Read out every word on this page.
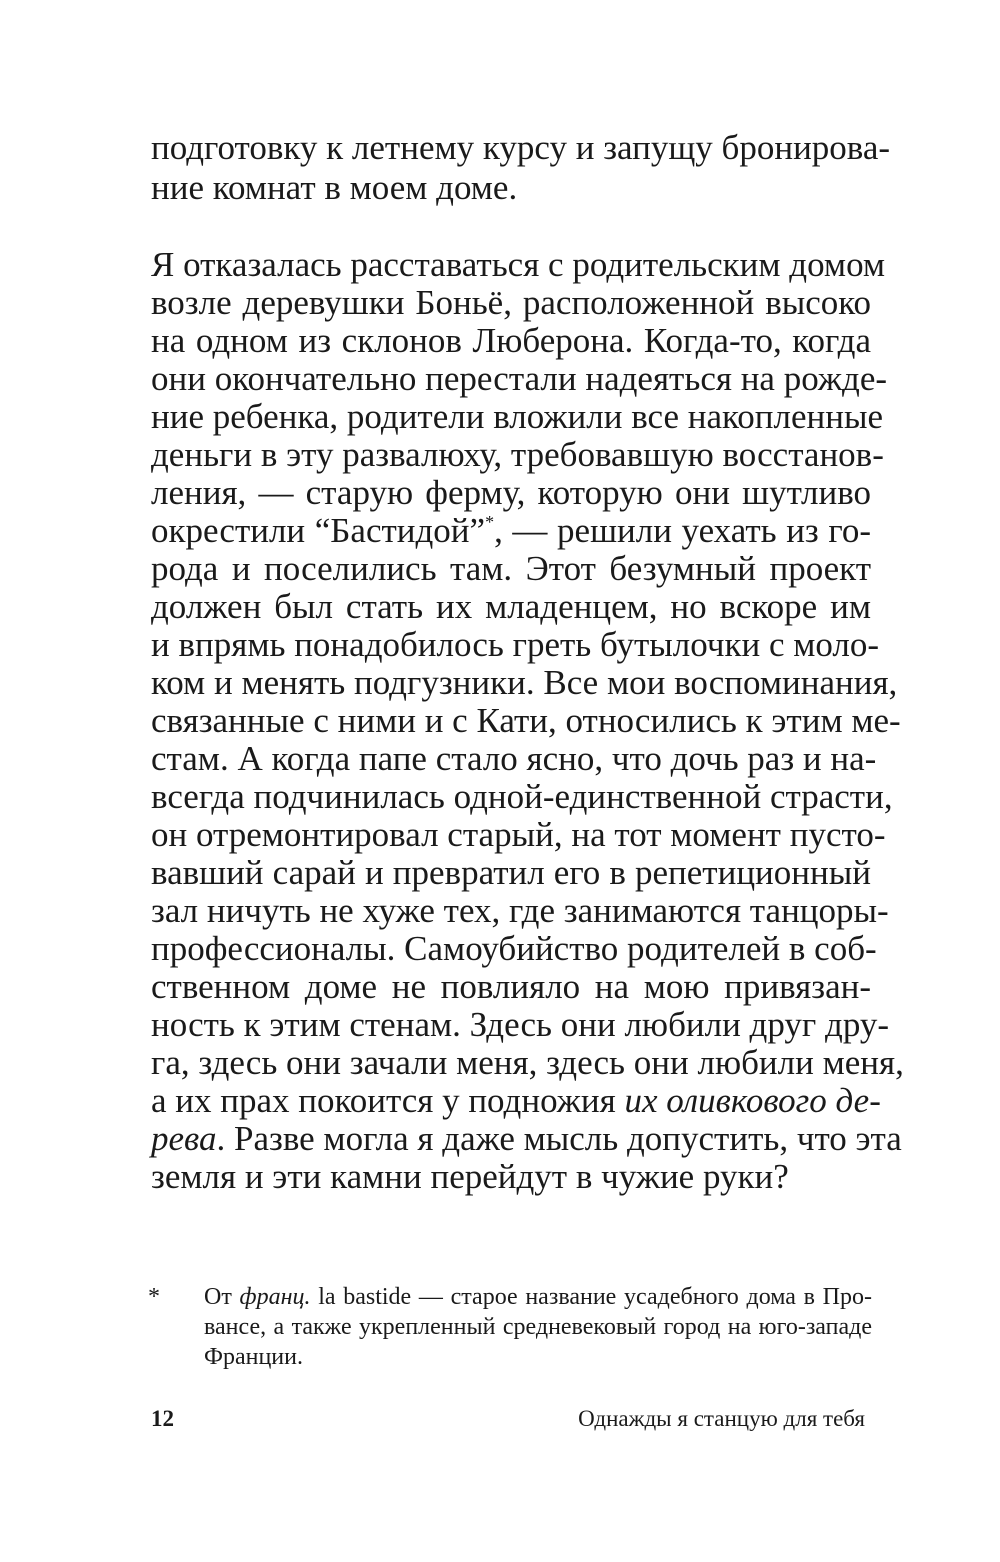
подготовку к летнему курсу и запущу бронирова-
ние комнат в моем доме.
Я отказалась расставаться с родительским домом
возле деревушки Боньё, расположенной высоко
на одном из склонов Люберона. Когда-то, когда
они окончательно перестали надеяться на рожде-
ние ребенка, родители вложили все накопленные
деньги в эту развалюху, требовавшую восстанов-
ления, — старую ферму, которую они шутливо
окрестили “Бастидой”*, — решили уехать из го-
рода и поселились там. Этот безумный проект
должен был стать их младенцем, но вскоре им
и впрямь понадобилось греть бутылочки с моло-
ком и менять подгузники. Все мои воспоминания,
связанные с ними и с Кати, относились к этим ме-
стам. А когда папе стало ясно, что дочь раз и на-
всегда подчинилась одной-единственной страсти,
он отремонтировал старый, на тот момент пусто-
вавший сарай и превратил его в репетиционный
зал ничуть не хуже тех, где занимаются танцоры-
профессионалы. Самоубийство родителей в соб-
ственном доме не повлияло на мою привязан-
ность к этим стенам. Здесь они любили друг дру-
га, здесь они зачали меня, здесь они любили меня,
а их прах покоится у подножия их оливкового де-
рева. Разве могла я даже мысль допустить, что эта
земля и эти камни перейдут в чужие руки?
* От франц. la bastide — старое название усадебного дома в Про-
вансе, а также укрепленный средневековый город на юго-западе
Франции.
12	Однажды я станцую для тебя
